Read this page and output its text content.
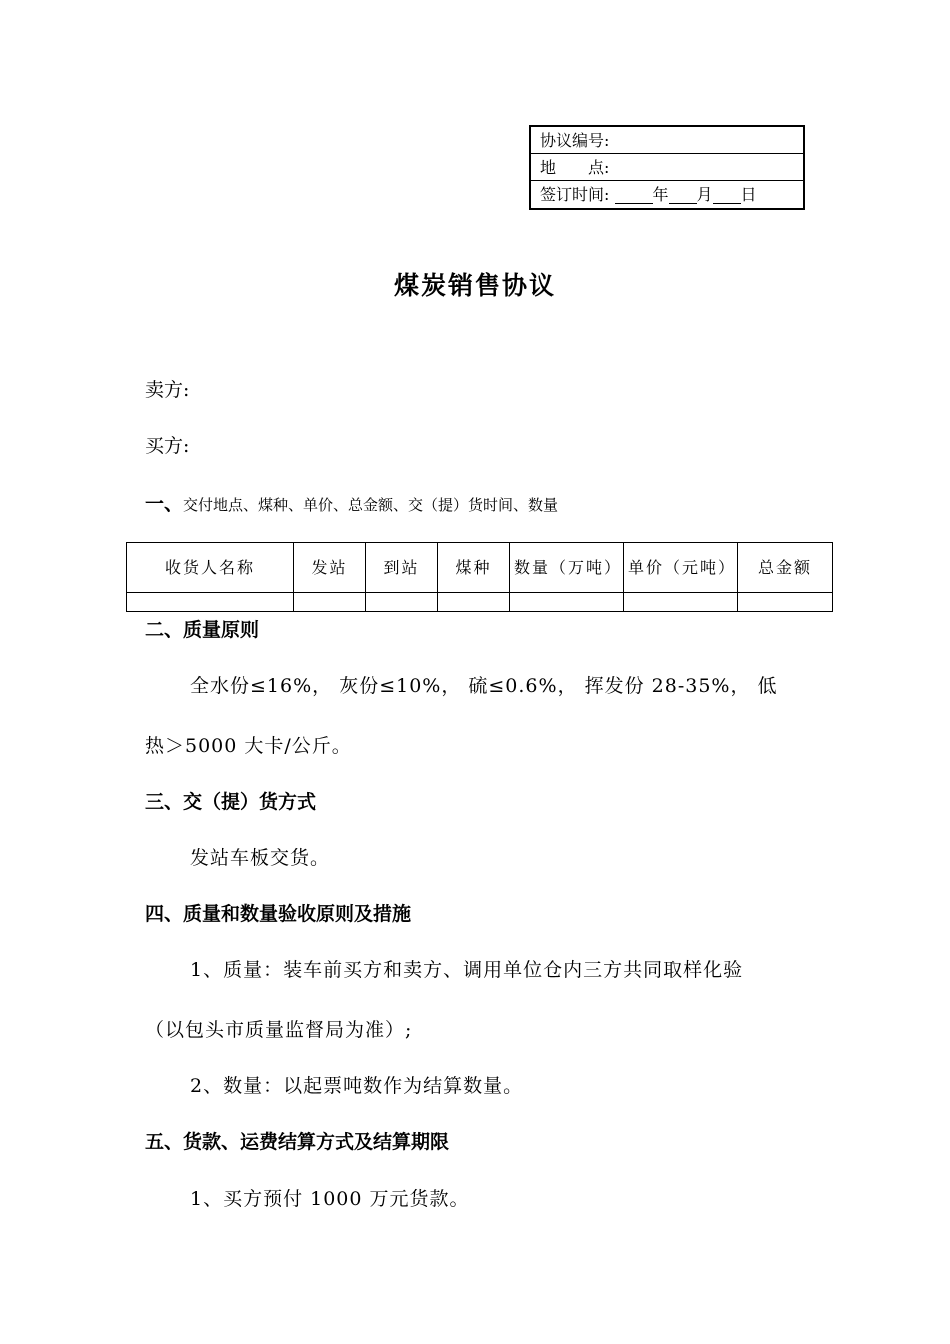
协议编号:
地　　点:
签订时间:	年 月 日
煤炭销售协议
卖方:
买方:
一、交付地点、煤种、单价、总金额、交（提）货时间、数量
收货人名称	发站	到站	煤种	数量（万吨）	单价（元吨）	总金额

二、质量原则
全水份≤16%， 灰份≤10%， 硫≤0.6%， 挥发份 28-35%， 低
热＞5000 大卡/公斤。
三、交（提）货方式
发站车板交货。
四、质量和数量验收原则及措施
1、质量：装车前买方和卖方、调用单位仓内三方共同取样化验
（以包头市质量监督局为准）;
2、数量：以起票吨数作为结算数量。
五、货款、运费结算方式及结算期限
1、买方预付 1000 万元货款。
